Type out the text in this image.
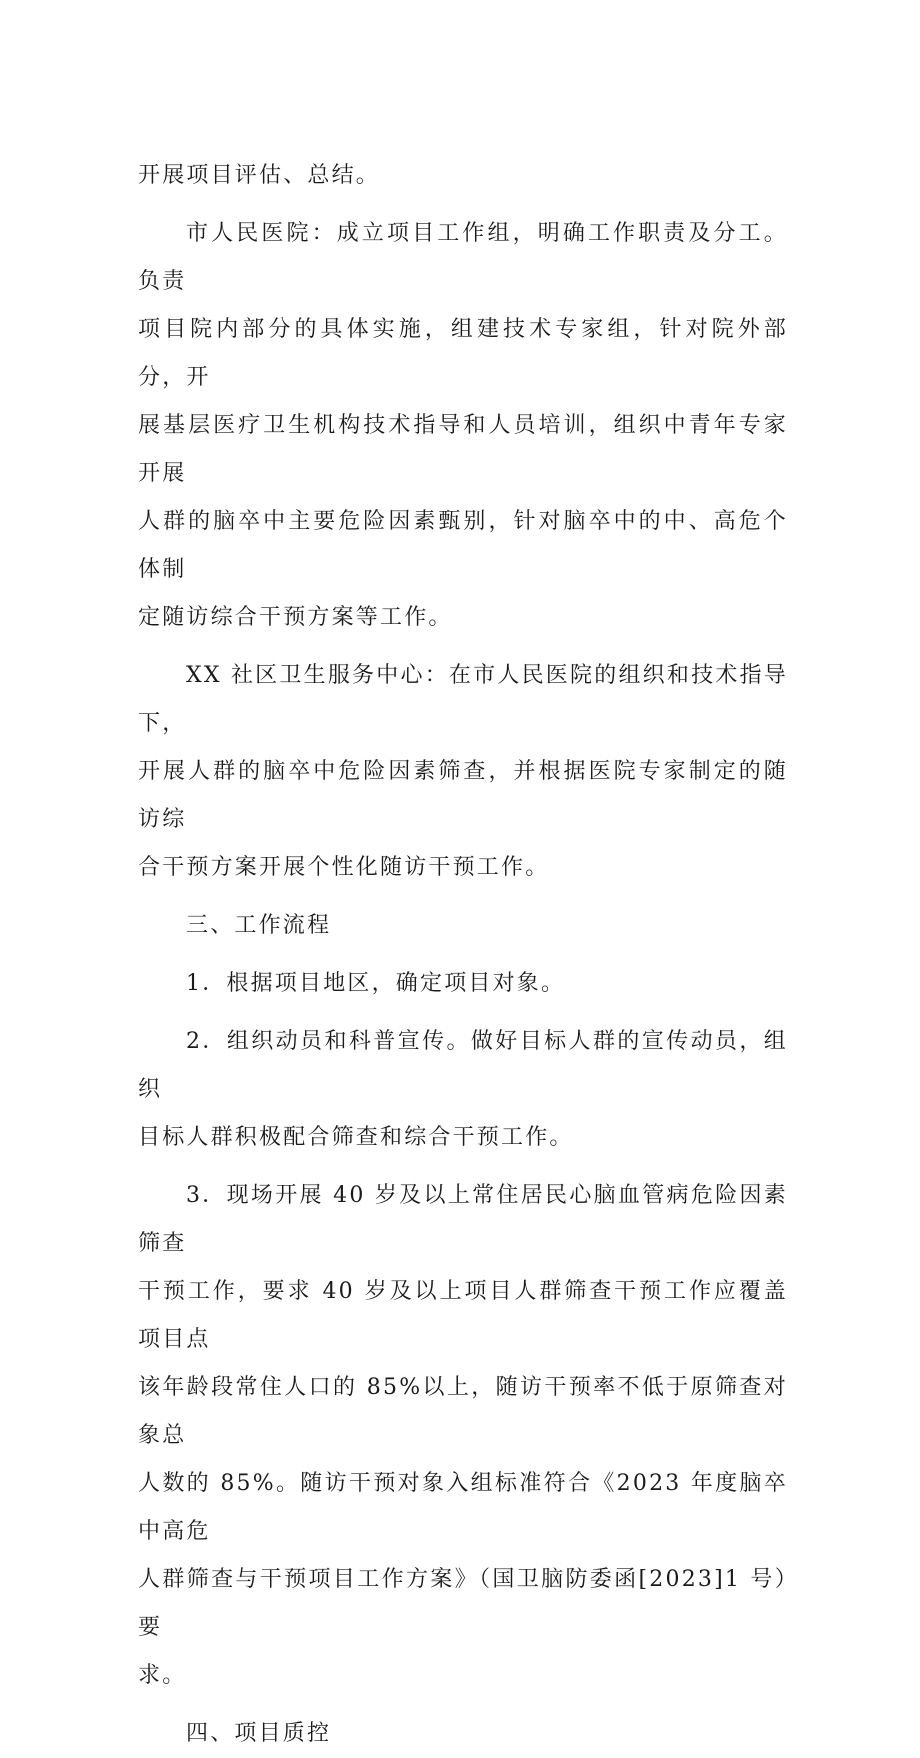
开展项目评估、总结。

市人民医院：成立项目工作组，明确工作职责及分工。负责
项目院内部分的具体实施，组建技术专家组，针对院外部分，开
展基层医疗卫生机构技术指导和人员培训，组织中青年专家开展
人群的脑卒中主要危险因素甄别，针对脑卒中的中、高危个体制
定随访综合干预方案等工作。

XX 社区卫生服务中心：在市人民医院的组织和技术指导下，
开展人群的脑卒中危险因素筛查，并根据医院专家制定的随访综
合干预方案开展个性化随访干预工作。

三、工作流程

1．根据项目地区，确定项目对象。

2．组织动员和科普宣传。做好目标人群的宣传动员，组织
目标人群积极配合筛查和综合干预工作。

3．现场开展 40 岁及以上常住居民心脑血管病危险因素筛查
干预工作，要求 40 岁及以上项目人群筛查干预工作应覆盖项目点
该年龄段常住人口的 85%以上，随访干预率不低于原筛查对象总
人数的 85%。随访干预对象入组标准符合《2023 年度脑卒中高危
人群筛查与干预项目工作方案》（国卫脑防委函[2023]1 号）要
求。

四、项目质控
